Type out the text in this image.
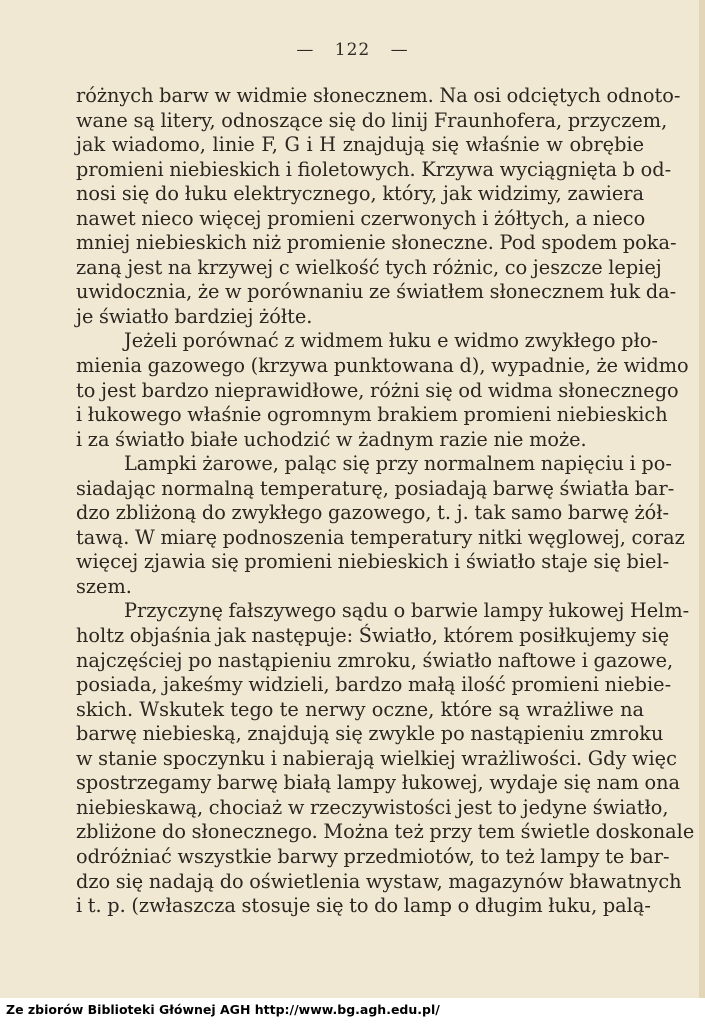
— 122 —
różnych barw w widmie słonecznem. Na osi odciętych odnoto-
wane są litery, odnoszące się do linij Fraunhofera, przyczem,
jak wiadomo, linie F, G i H znajdują się właśnie w obrębie
promieni niebieskich i fioletowych. Krzywa wyciągnięta b od-
nosi się do łuku elektrycznego, który, jak widzimy, zawiera
nawet nieco więcej promieni czerwonych i żółtych, a nieco
mniej niebieskich niż promienie słoneczne. Pod spodem poka-
zaną jest na krzywej c wielkość tych różnic, co jeszcze lepiej
uwidocznia, że w porównaniu ze światłem słonecznem łuk da-
je światło bardziej żółte.
Jeżeli porównać z widmem łuku e widmo zwykłego pło-
mienia gazowego (krzywa punktowana d), wypadnie, że widmo
to jest bardzo nieprawidłowe, różni się od widma słonecznego
i łukowego właśnie ogromnym brakiem promieni niebieskich
i za światło białe uchodzić w żadnym razie nie może.
Lampki żarowe, paląc się przy normalnem napięciu i po-
siadając normalną temperaturę, posiadają barwę światła bar-
dzo zbliżoną do zwykłego gazowego, t. j. tak samo barwę żół-
tawą. W miarę podnoszenia temperatury nitki węglowej, coraz
więcej zjawia się promieni niebieskich i światło staje się biel-
szem.
Przyczynę fałszywego sądu o barwie lampy łukowej Helm-
holtz objaśnia jak następuje: Światło, którem posiłkujemy się
najczęściej po nastąpieniu zmroku, światło naftowe i gazowe,
posiada, jakeśmy widzieli, bardzo małą ilość promieni niebie-
skich. Wskutek tego te nerwy oczne, które są wrażliwe na
barwę niebieską, znajdują się zwykle po nastąpieniu zmroku
w stanie spoczynku i nabierają wielkiej wrażliwości. Gdy więc
spostrzegamy barwę białą lampy łukowej, wydaje się nam ona
niebieskawą, chociaż w rzeczywistości jest to jedyne światło,
zbliżone do słonecznego. Można też przy tem świetle doskonale
odróżniać wszystkie barwy przedmiotów, to też lampy te bar-
dzo się nadają do oświetlenia wystaw, magazynów bławatnych
i t. p. (zwłaszcza stosuje się to do lamp o długim łuku, palą-
Ze zbiorów Biblioteki Głównej AGH http://www.bg.agh.edu.pl/
